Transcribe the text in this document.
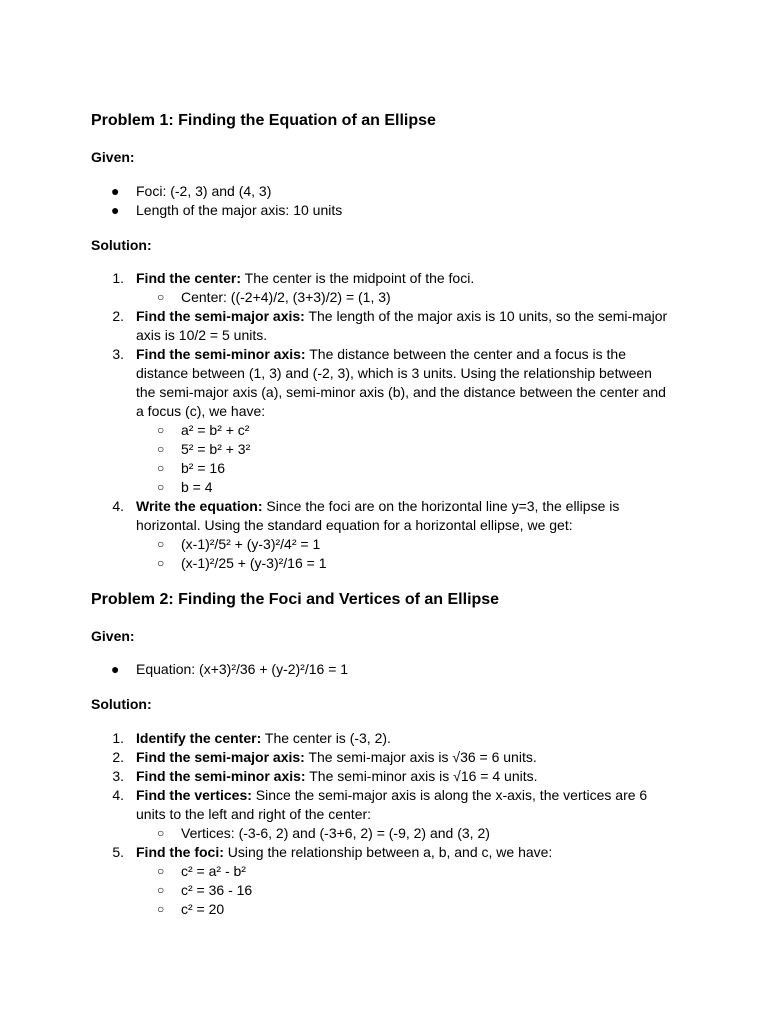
Problem 1: Finding the Equation of an Ellipse

Given:

● Foci: (-2, 3) and (4, 3)
● Length of the major axis: 10 units

Solution:

1. Find the center: The center is the midpoint of the foci.
○ Center: ((-2+4)/2, (3+3)/2) = (1, 3)
2. Find the semi-major axis: The length of the major axis is 10 units, so the semi-major axis is 10/2 = 5 units.
3. Find the semi-minor axis: The distance between the center and a focus is the distance between (1, 3) and (-2, 3), which is 3 units. Using the relationship between the semi-major axis (a), semi-minor axis (b), and the distance between the center and a focus (c), we have:
○ a² = b² + c²
○ 5² = b² + 3²
○ b² = 16
○ b = 4
4. Write the equation: Since the foci are on the horizontal line y=3, the ellipse is horizontal. Using the standard equation for a horizontal ellipse, we get:
○ (x-1)²/5² + (y-3)²/4² = 1
○ (x-1)²/25 + (y-3)²/16 = 1
Problem 2: Finding the Foci and Vertices of an Ellipse

Given:

● Equation: (x+3)²/36 + (y-2)²/16 = 1

Solution:

1. Identify the center: The center is (-3, 2).
2. Find the semi-major axis: The semi-major axis is √36 = 6 units.
3. Find the semi-minor axis: The semi-minor axis is √16 = 4 units.
4. Find the vertices: Since the semi-major axis is along the x-axis, the vertices are 6 units to the left and right of the center:
○ Vertices: (-3-6, 2) and (-3+6, 2) = (-9, 2) and (3, 2)
5. Find the foci: Using the relationship between a, b, and c, we have:
○ c² = a² - b²
○ c² = 36 - 16
○ c² = 20
